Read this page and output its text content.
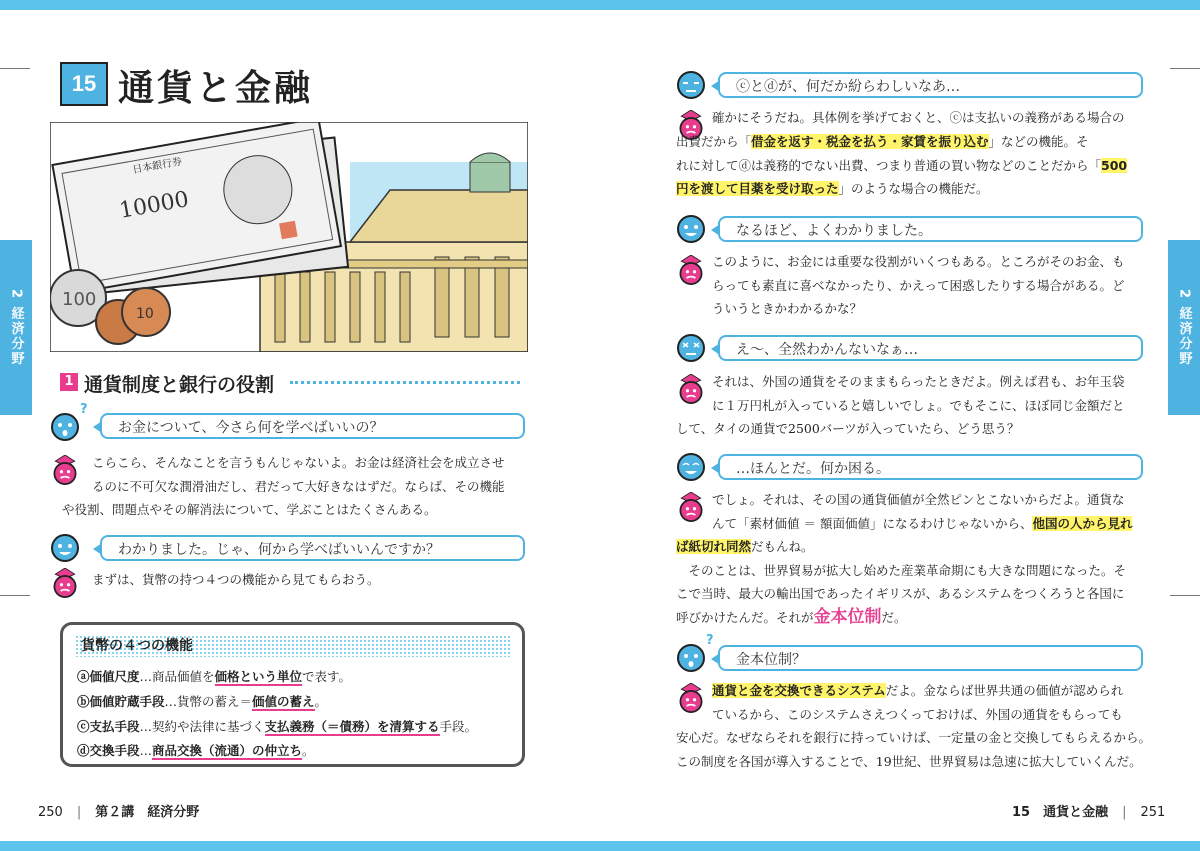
2 経済分野	2 経済分野
15 通貨と金融
10000
日本銀行券
100
10
1 通貨制度と銀行の役割
?
お金について、今さら何を学べばいいの？
こらこら、そんなことを言うもんじゃないよ。お金は経済社会を成立させ
るのに不可欠な潤滑油だし、君だって大好きなはずだ。ならば、その機能
や役割、問題点やその解消法について、学ぶことはたくさんある。
わかりました。じゃ、何から学べばいいんですか？
まずは、貨幣の持つ４つの機能から見てもらおう。
貨幣の４つの機能
ⓐ価値尺度…商品価値を価格という単位で表す。
ⓑ価値貯蔵手段…貨幣の蓄え＝価値の蓄え。
ⓒ支払手段…契約や法律に基づく支払義務（＝債務）を清算する手段。
ⓓ交換手段…商品交換（流通）の仲立ち。
ⓒとⓓが、何だか紛らわしいなあ…
確かにそうだね。具体例を挙げておくと、ⓒは支払いの義務がある場合の
出費だから「借金を返す・税金を払う・家賃を振り込む」などの機能。そ
れに対してⓓは義務的でない出費、つまり普通の買い物などのことだから「500
円を渡して目薬を受け取った」のような場合の機能だ。
なるほど、よくわかりました。
このように、お金には重要な役割がいくつもある。ところがそのお金、も
らっても素直に喜べなかったり、かえって困惑したりする場合がある。ど
ういうときかわかるかな？
え〜、全然わかんないなぁ…
それは、外国の通貨をそのままもらったときだよ。例えば君も、お年玉袋
に１万円札が入っていると嬉しいでしょ。でもそこに、ほぼ同じ金額だと
して、タイの通貨で2500バーツが入っていたら、どう思う？
…ほんとだ。何か困る。
でしょ。それは、その国の通貨価値が全然ピンとこないからだよ。通貨な
んて「素材価値 ＝ 額面価値」になるわけじゃないから、他国の人から見れ
ば紙切れ同然だもんね。
　そのことは、世界貿易が拡大し始めた産業革命期にも大きな問題になった。そ
こで当時、最大の輸出国であったイギリスが、あるシステムをつくろうと各国に
呼びかけたんだ。それが金本位制だ。
?
金本位制？
通貨と金を交換できるシステムだよ。金ならば世界共通の価値が認められ
ているから、このシステムさえつくっておけば、外国の通貨をもらっても
安心だ。なぜならそれを銀行に持っていけば、一定量の金と交換してもらえるから。
この制度を各国が導入することで、19世紀、世界貿易は急速に拡大していくんだ。
250 | 第２講　経済分野	15　通貨と金融 | 251
